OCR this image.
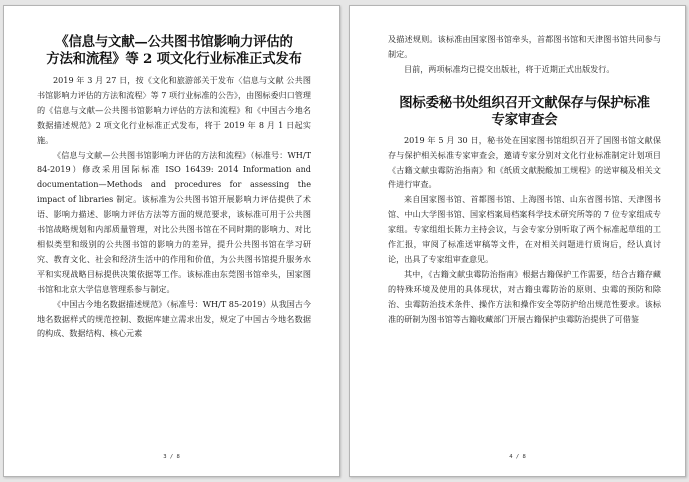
《信息与文献—公共图书馆影响力评估的
方法和流程》等 2 项文化行业标准正式发布

2019 年 3 月 27 日，按《文化和旅游部关于发布〈信息与文献 公共图书馆影响力评估的方法和流程〉等 7 项行业标准的公告》，由图标委归口管理的《信息与文献—公共图书馆影响力评估的方法和流程》和《中国古今地名数据描述规范》2 项文化行业标准正式发布，将于 2019 年 8 月 1 日起实施。

《信息与文献—公共图书馆影响力评估的方法和流程》（标准号：WH/T 84-2019）修改采用国际标准 ISO 16439: 2014 Information and documentation—Methods and procedures for assessing the impact of libraries 制定。该标准为公共图书馆开展影响力评估提供了术语、影响力描述、影响力评估方法等方面的规范要求，该标准可用于公共图书馆战略规划和内部质量管理，对比公共图书馆在不同时期的影响力、对比相似类型和级别的公共图书馆的影响力的差异，提升公共图书馆在学习研究、教育文化、社会和经济生活中的作用和价值，为公共图书馆提升服务水平和实现战略目标提供决策依据等工作。该标准由东莞图书馆牵头，国家图书馆和北京大学信息管理系参与制定。

《中国古今地名数据描述规范》（标准号：WH/T 85-2019）从我国古今地名数据样式的规范控制、数据库建立需求出发，规定了中国古今地名数据的构成、数据结构、核心元素

3 / 8

及描述规则。该标准由国家图书馆牵头，首都图书馆和天津图书馆共同参与制定。

目前，两项标准均已提交出版社，将于近期正式出版发行。

图标委秘书处组织召开文献保存与保护标准
专家审查会

2019 年 5 月 30 日，秘书处在国家图书馆组织召开了国图书馆文献保存与保护相关标准专家审查会，邀请专家分别对文化行业标准制定计划项目《古籍文献虫霉防治指南》和《纸质文献脱酸加工规程》的送审稿及相关文件进行审查。

来自国家图书馆、首都图书馆、上海图书馆、山东省图书馆、天津图书馆、中山大学图书馆、国家档案局档案科学技术研究所等的 7 位专家组成专家组。专家组组长陈力主持会议，与会专家分别听取了两个标准起草组的工作汇报，审阅了标准送审稿等文件，在对相关问题进行质询后，经认真讨论，出具了专家组审查意见。

其中，《古籍文献虫霉防治指南》根据古籍保护工作需要，结合古籍存藏的特殊环境及使用的具体现状，对古籍虫霉防治的原则、虫霉的预防和除治、虫霉防治技术条件、操作方法和操作安全等防护给出规范性要求。该标准的研制为图书馆等古籍收藏部门开展古籍保护虫霉防治提供了可借鉴

4 / 8
